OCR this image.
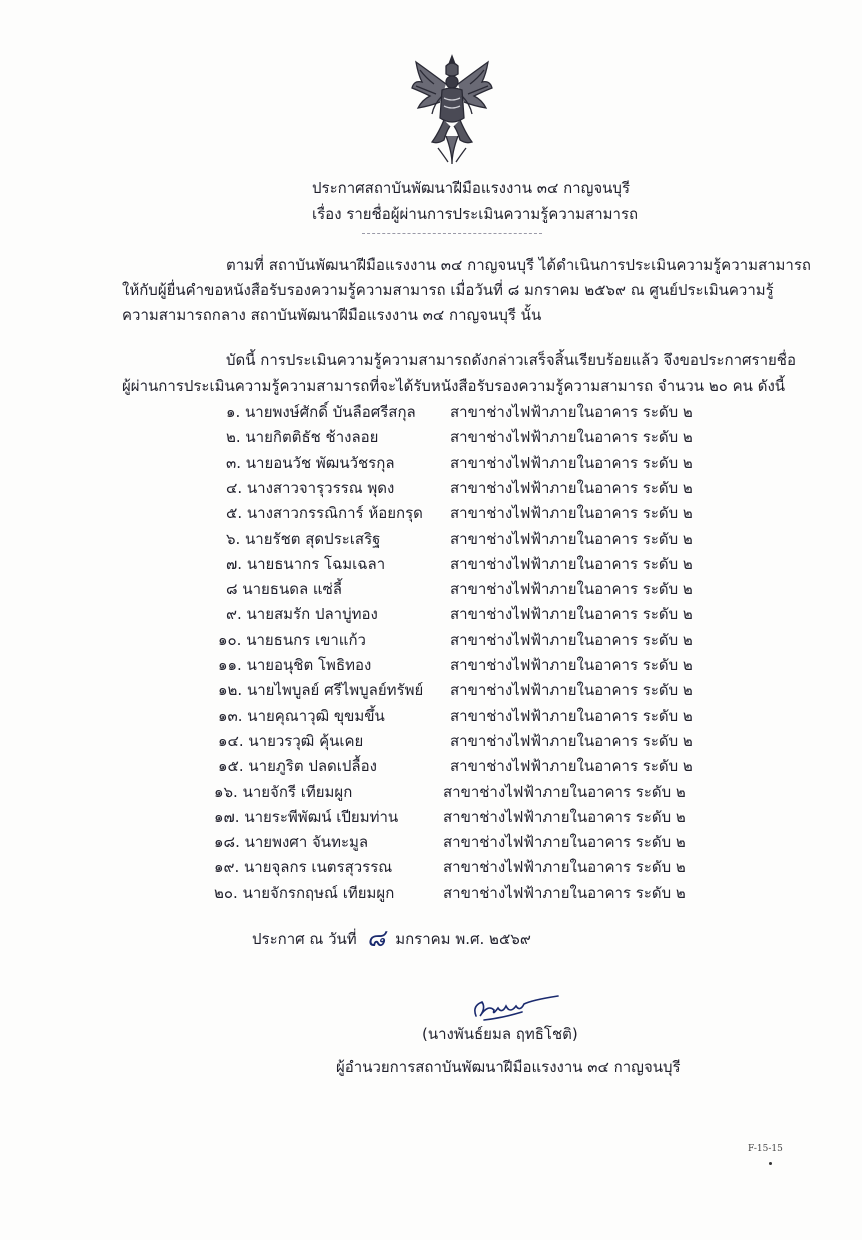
ประกาศสถาบันพัฒนาฝีมือแรงงาน ๓๔ กาญจนบุรี
เรื่อง รายชื่อผู้ผ่านการประเมินความรู้ความสามารถ
ตามที่ สถาบันพัฒนาฝีมือแรงงาน ๓๔ กาญจนบุรี ได้ดำเนินการประเมินความรู้ความสามารถ
ให้กับผู้ยื่นคำขอหนังสือรับรองความรู้ความสามารถ เมื่อวันที่ ๘ มกราคม ๒๕๖๙ ณ ศูนย์ประเมินความรู้
ความสามารถกลาง สถาบันพัฒนาฝีมือแรงงาน ๓๔ กาญจนบุรี นั้น
บัดนี้ การประเมินความรู้ความสามารถดังกล่าวเสร็จสิ้นเรียบร้อยแล้ว จึงขอประกาศรายชื่อ
ผู้ผ่านการประเมินความรู้ความสามารถที่จะได้รับหนังสือรับรองความรู้ความสามารถ จำนวน ๒๐ คน ดังนี้
๑. นายพงษ์ศักดิ์ บันลือศรีสกุล สาขาช่างไฟฟ้าภายในอาคาร ระดับ ๒
๒. นายกิตติธัช ช้างลอย	สาขาช่างไฟฟ้าภายในอาคาร ระดับ ๒
๓. นายอนวัช พัฒนวัชรกุล	สาขาช่างไฟฟ้าภายในอาคาร ระดับ ๒
๔. นางสาวจารุวรรณ พุดง	สาขาช่างไฟฟ้าภายในอาคาร ระดับ ๒
๕. นางสาวกรรณิการ์ ห้อยกรุด สาขาช่างไฟฟ้าภายในอาคาร ระดับ ๒
๖. นายรัชต สุดประเสริฐ	สาขาช่างไฟฟ้าภายในอาคาร ระดับ ๒
๗. นายธนากร โฉมเฉลา	สาขาช่างไฟฟ้าภายในอาคาร ระดับ ๒
๘ นายธนดล แซ่ลี้	สาขาช่างไฟฟ้าภายในอาคาร ระดับ ๒
๙. นายสมรัก ปลาบู่ทอง	สาขาช่างไฟฟ้าภายในอาคาร ระดับ ๒
๑๐. นายธนกร เขาแก้ว	สาขาช่างไฟฟ้าภายในอาคาร ระดับ ๒
๑๑. นายอนุชิต โพธิทอง	สาขาช่างไฟฟ้าภายในอาคาร ระดับ ๒
๑๒. นายไพบูลย์ ศรีไพบูลย์ทรัพย์ สาขาช่างไฟฟ้าภายในอาคาร ระดับ ๒
๑๓. นายคุณาวุฒิ ขุขมขึ้น	สาขาช่างไฟฟ้าภายในอาคาร ระดับ ๒
๑๔. นายวรวุฒิ คุ้นเคย	สาขาช่างไฟฟ้าภายในอาคาร ระดับ ๒
๑๕. นายภูริต ปลดเปลื้อง	สาขาช่างไฟฟ้าภายในอาคาร ระดับ ๒
๑๖. นายจักรี เทียมผูก	สาขาช่างไฟฟ้าภายในอาคาร ระดับ ๒
๑๗. นายระพีพัฒน์ เปียมท่าน	สาขาช่างไฟฟ้าภายในอาคาร ระดับ ๒
๑๘. นายพงศา จันทะมูล	สาขาช่างไฟฟ้าภายในอาคาร ระดับ ๒
๑๙. นายจุลกร เนตรสุวรรณ	สาขาช่างไฟฟ้าภายในอาคาร ระดับ ๒
๒๐. นายจักรกฤษณ์ เทียมผูก	สาขาช่างไฟฟ้าภายในอาคาร ระดับ ๒
ประกาศ ณ วันที่ ๘ มกราคม พ.ศ. ๒๕๖๙
(นางพันธ์ยมล ฤทธิโชติ)
ผู้อำนวยการสถาบันพัฒนาฝีมือแรงงาน ๓๔ กาญจนบุรี
F-15-15
